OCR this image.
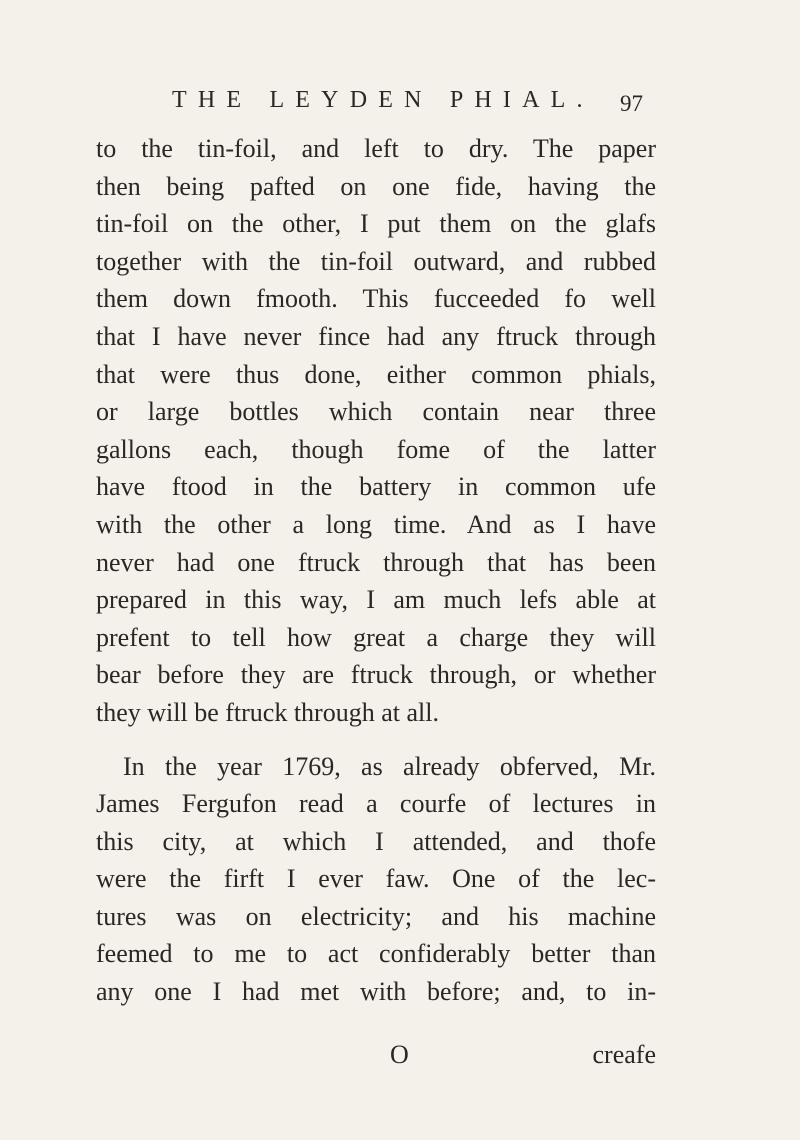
THE LEYDEN PHIAL. 97
to the tin-foil, and left to dry. The paper
then being pafted on one fide, having the
tin-foil on the other, I put them on the glafs
together with the tin-foil outward, and rubbed
them down fmooth. This fucceeded fo well
that I have never fince had any ftruck through
that were thus done, either common phials,
or large bottles which contain near three
gallons each, though fome of the latter
have ftood in the battery in common ufe
with the other a long time. And as I have
never had one ftruck through that has been
prepared in this way, I am much lefs able at
prefent to tell how great a charge they will
bear before they are ftruck through, or whether
they will be ftruck through at all.
In the year 1769, as already obferved, Mr.
James Fergufon read a courfe of lectures in
this city, at which I attended, and thofe
were the firft I ever faw. One of the lec-
tures was on electricity; and his machine
feemed to me to act confiderably better than
any one I had met with before; and, to in-
O	creafe
